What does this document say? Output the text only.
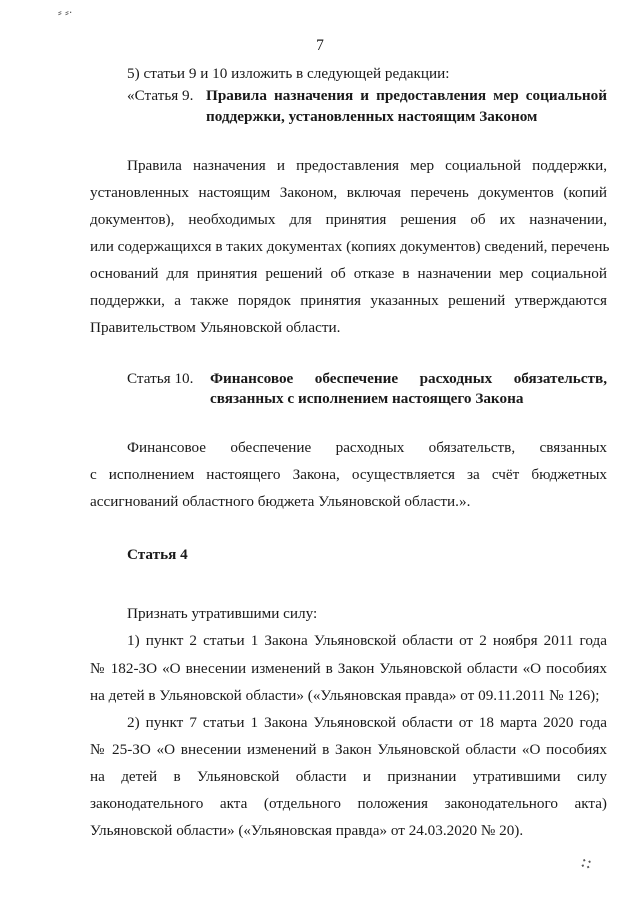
⸗ ⸗·
⁘
7
5) статьи 9 и 10 изложить в следующей редакции:
«Статья 9. Правила назначения и предоставления мер социальной
поддержки, установленных настоящим Законом
Правила назначения и предоставления мер социальной поддержки,
установленных настоящим Законом, включая перечень документов (копий
документов), необходимых для принятия решения об их назначении,
или содержащихся в таких документах (копиях документов) сведений, перечень
оснований для принятия решений об отказе в назначении мер социальной
поддержки, а также порядок принятия указанных решений утверждаются
Правительством Ульяновской области.
Статья 10. Финансовое обеспечение расходных обязательств,
связанных с исполнением настоящего Закона
Финансовое обеспечение расходных обязательств, связанных
с исполнением настоящего Закона, осуществляется за счёт бюджетных
ассигнований областного бюджета Ульяновской области.».
Статья 4
Признать утратившими силу:
1) пункт 2 статьи 1 Закона Ульяновской области от 2 ноября 2011 года
№ 182-ЗО «О внесении изменений в Закон Ульяновской области «О пособиях
на детей в Ульяновской области» («Ульяновская правда» от 09.11.2011 № 126);
2) пункт 7 статьи 1 Закона Ульяновской области от 18 марта 2020 года
№ 25-ЗО «О внесении изменений в Закон Ульяновской области «О пособиях
на детей в Ульяновской области и признании утратившими силу
законодательного акта (отдельного положения законодательного акта)
Ульяновской области» («Ульяновская правда» от 24.03.2020 № 20).
